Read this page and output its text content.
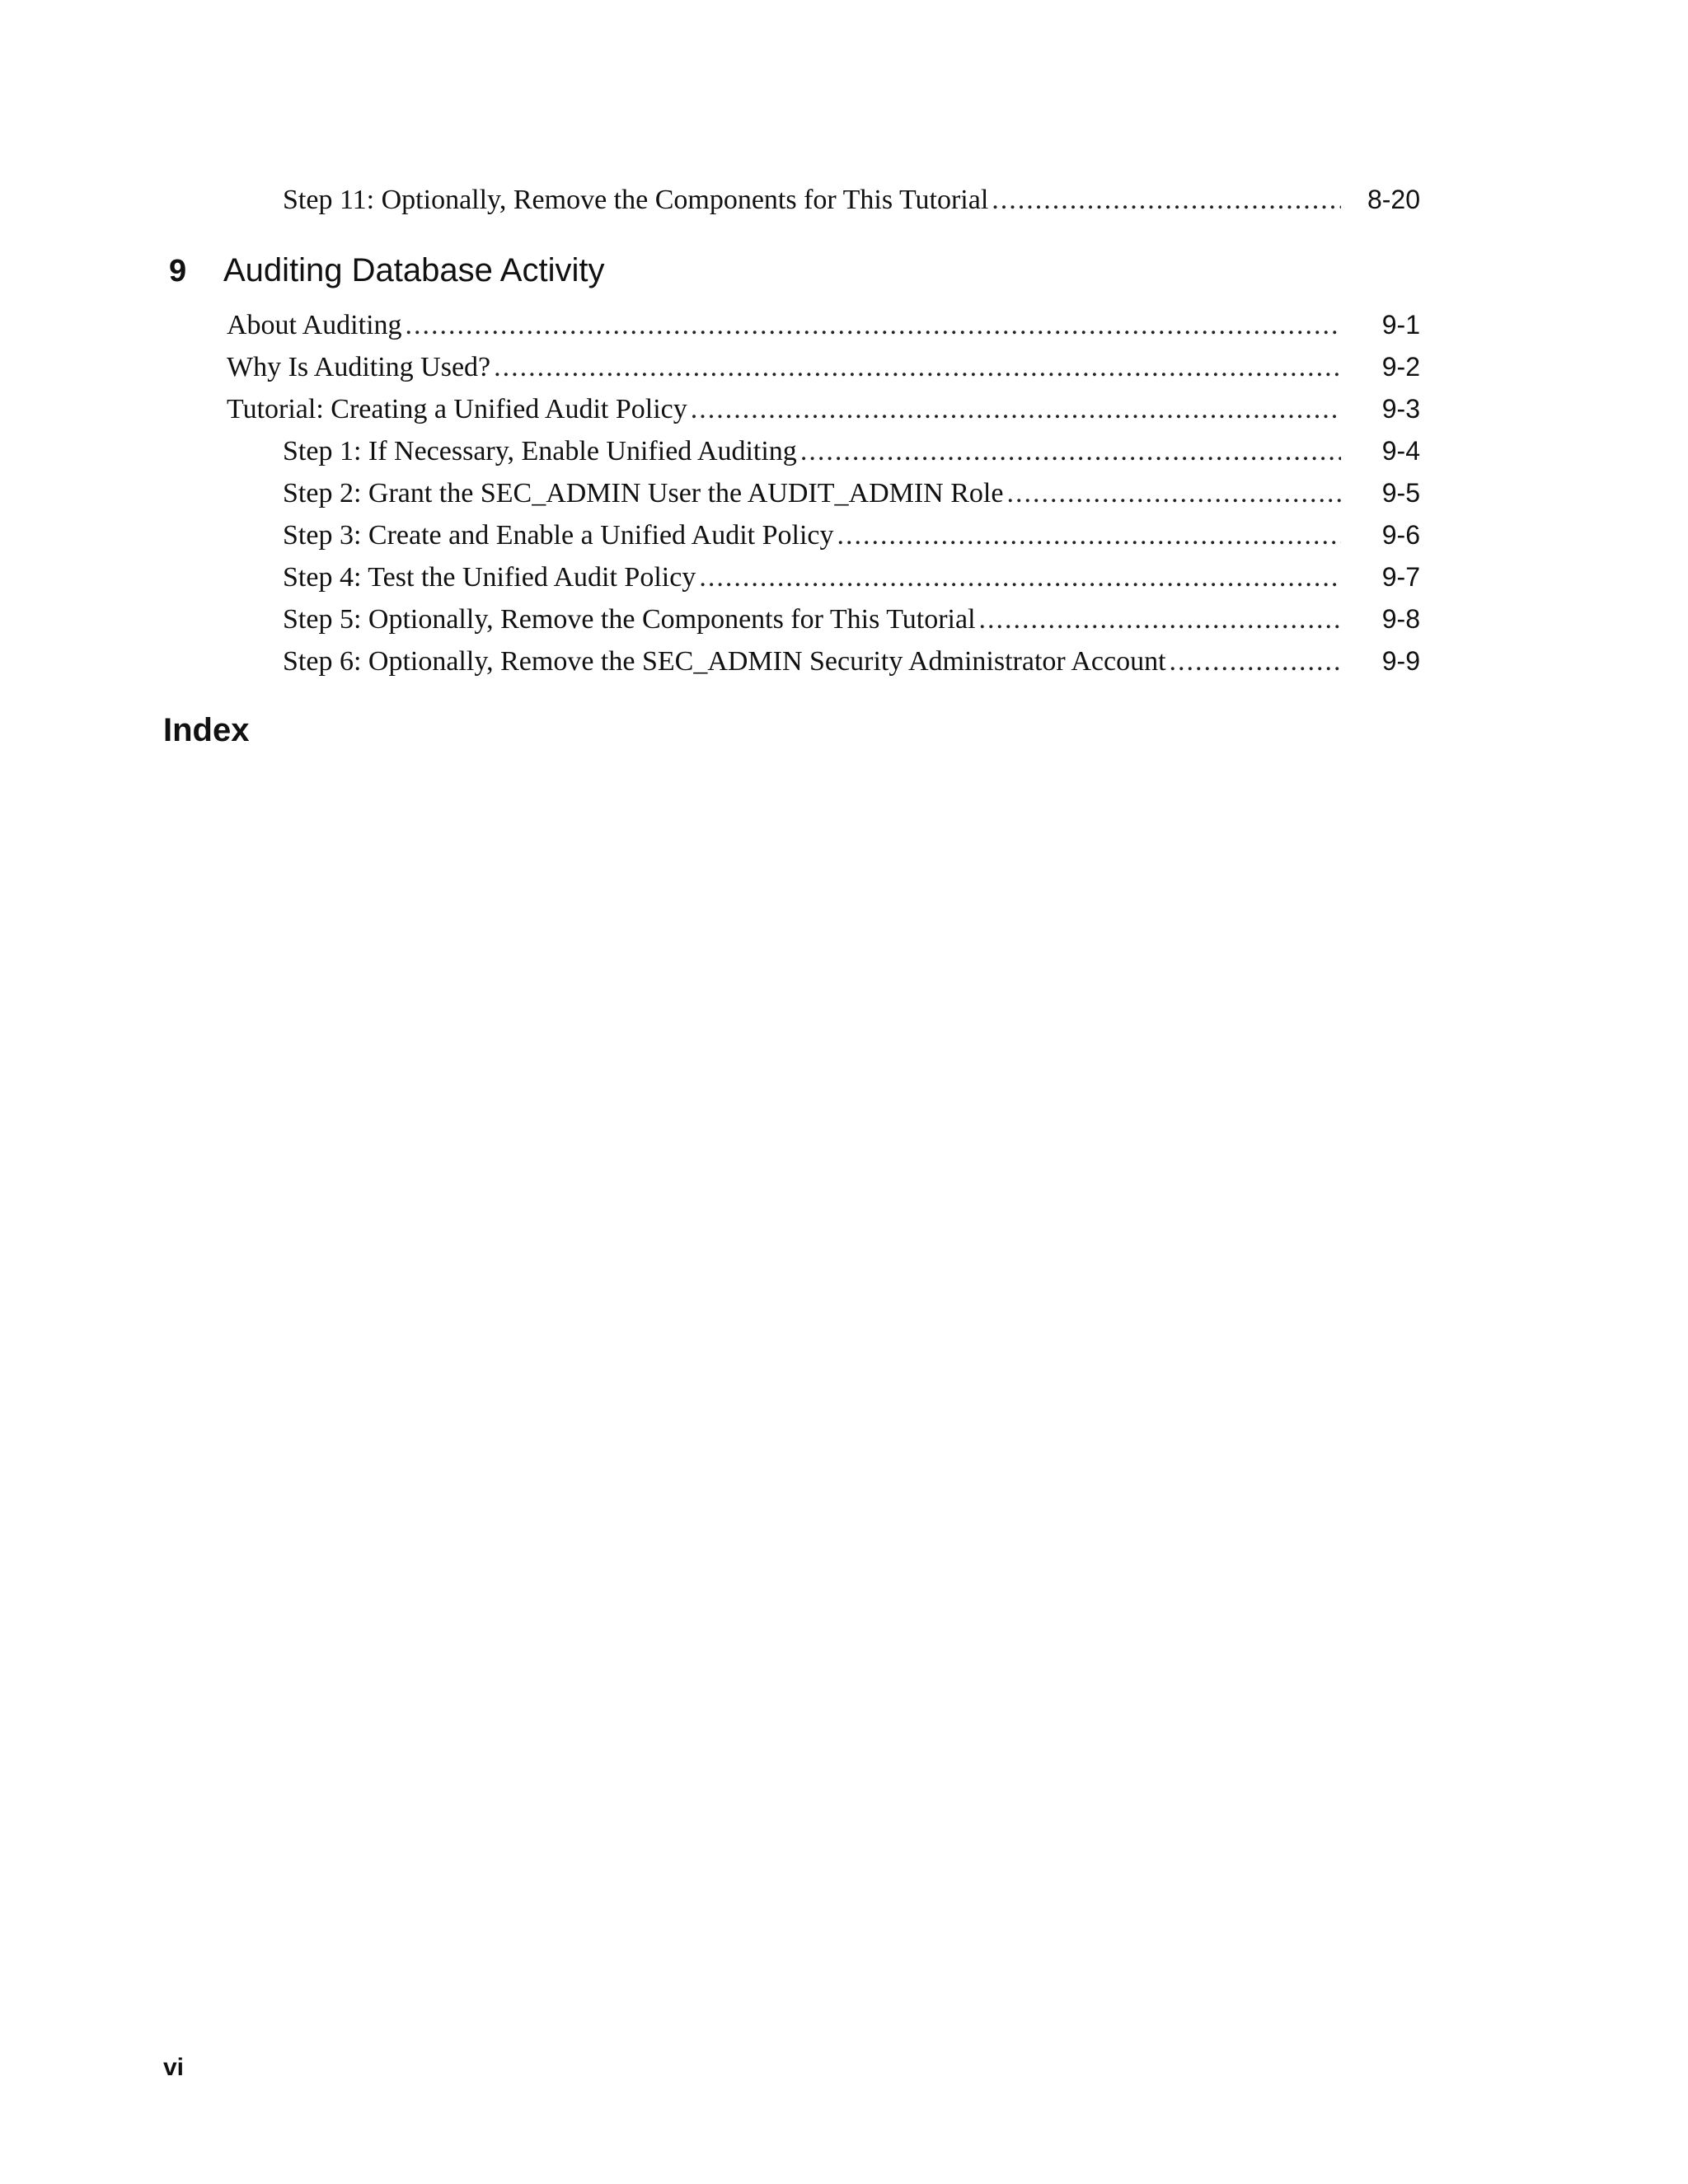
Step 11: Optionally, Remove the Components for This Tutorial .....	8-20
9	Auditing Database Activity
About Auditing .....	9-1
Why Is Auditing Used? .....	9-2
Tutorial: Creating a Unified Audit Policy .....	9-3
Step 1: If Necessary, Enable Unified Auditing .....	9-4
Step 2: Grant the SEC_ADMIN User the AUDIT_ADMIN Role .....	9-5
Step 3: Create and Enable a Unified Audit Policy .....	9-6
Step 4: Test the Unified Audit Policy .....	9-7
Step 5: Optionally, Remove the Components for This Tutorial .....	9-8
Step 6: Optionally, Remove the SEC_ADMIN Security Administrator Account .....	9-9
Index
vi
